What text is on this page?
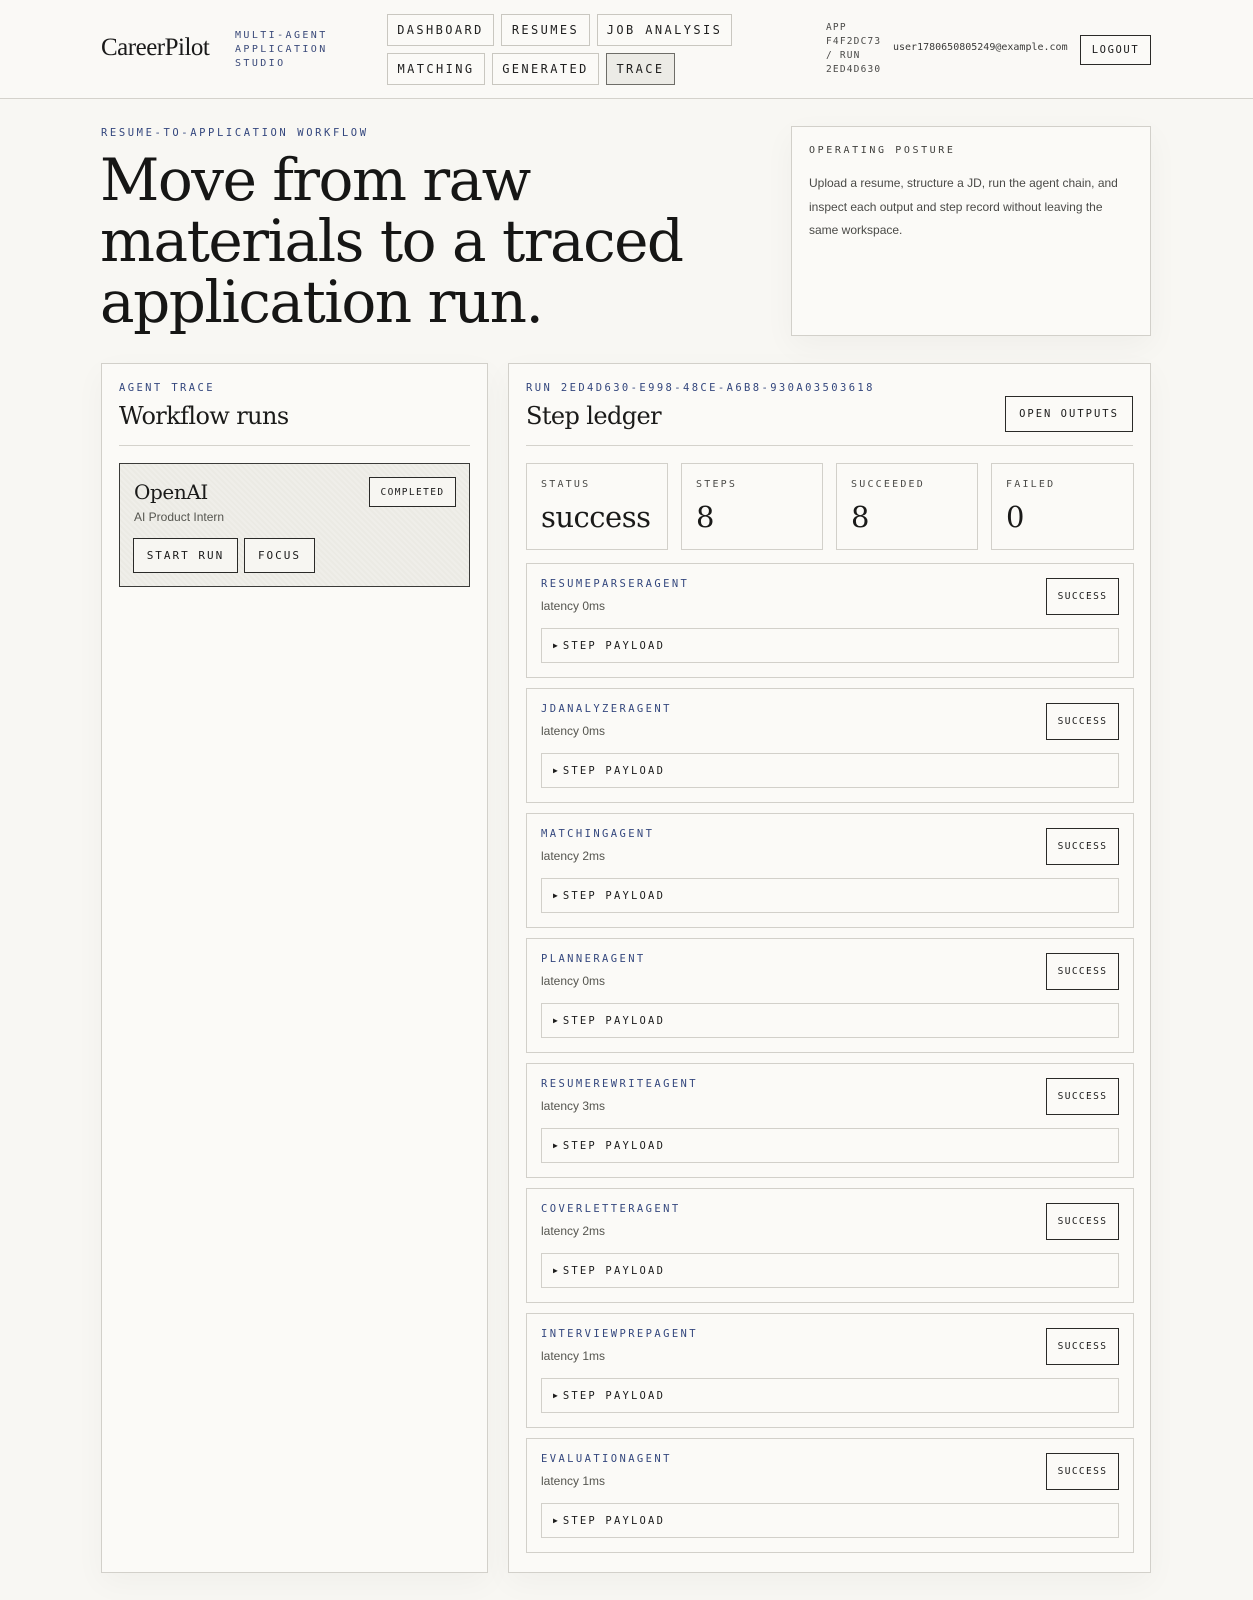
CareerPilot	MULTI-AGENT APPLICATION STUDIO
DASHBOARD	RESUMES	JOB ANALYSIS
MATCHING	GENERATED	TRACE
APP F4F2DC73 / RUN 2ED4D630
user1780650805249@example.com	LOGOUT
RESUME-TO-APPLICATION WORKFLOW
Move from raw materials to a traced application run.
OPERATING POSTURE
Upload a resume, structure a JD, run the agent chain, and inspect each output and step record without leaving the same workspace.
AGENT TRACE
Workflow runs
OpenAI
AI Product Intern
COMPLETED
START RUN	FOCUS
RUN 2ED4D630-E998-48CE-A6B8-930A03503618
Step ledger	OPEN OUTPUTS
STATUS
success
STEPS
8
SUCCEEDED
8
FAILED
0
RESUMEPARSERAGENT
latency 0ms
SUCCESS
▶ STEP PAYLOAD
JDANALYZERAGENT
latency 0ms
SUCCESS
▶ STEP PAYLOAD
MATCHINGAGENT
latency 2ms
SUCCESS
▶ STEP PAYLOAD
PLANNERAGENT
latency 0ms
SUCCESS
▶ STEP PAYLOAD
RESUMEREWRITEAGENT
latency 3ms
SUCCESS
▶ STEP PAYLOAD
COVERLETTERAGENT
latency 2ms
SUCCESS
▶ STEP PAYLOAD
INTERVIEWPREPAGENT
latency 1ms
SUCCESS
▶ STEP PAYLOAD
EVALUATIONAGENT
latency 1ms
SUCCESS
▶ STEP PAYLOAD
